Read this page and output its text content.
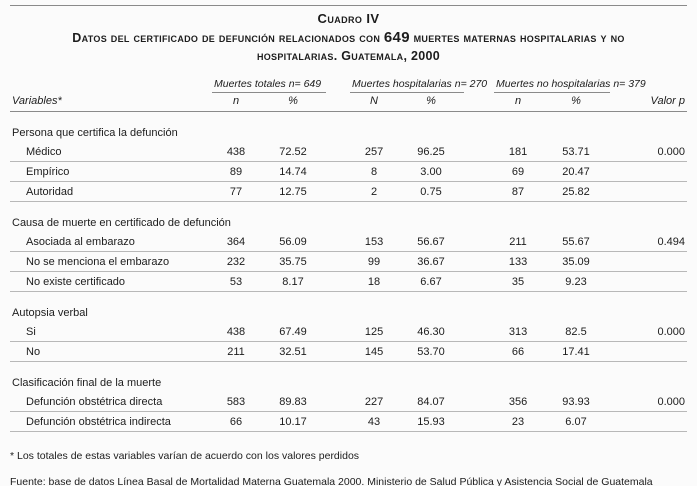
Cuadro IV
Datos del certificado de defunción relacionados con 649 muertes maternas hospitalarias y no hospitalarias. Guatemala, 2000
	Muertes totales n= 649			Muertes hospitalarias n= 270			Muertes no hospitalarias n= 379			
Variables*	n	%		N	%		n	%		Valor p
Persona que certifica la defunción										
Médico	438	72.52		257	96.25		181	53.71		0.000
Empírico	89	14.74		8	3.00		69	20.47		
Autoridad	77	12.75		2	0.75		87	25.82		
Causa de muerte en certificado de defunción										
Asociada al embarazo	364	56.09		153	56.67		211	55.67		0.494
No se menciona el embarazo	232	35.75		99	36.67		133	35.09		
No existe certificado	53	8.17		18	6.67		35	9.23		
Autopsia verbal										
Si	438	67.49		125	46.30		313	82.5		0.000
No	211	32.51		145	53.70		66	17.41		
Clasificación final de la muerte										
Defunción obstétrica directa	583	89.83		227	84.07		356	93.93		0.000
Defunción obstétrica indirecta	66	10.17		43	15.93		23	6.07		
* Los totales de estas variables varían de acuerdo con los valores perdidos
Fuente: base de datos Línea Basal de Mortalidad Materna Guatemala 2000. Ministerio de Salud Pública y Asistencia Social de Guatemala
